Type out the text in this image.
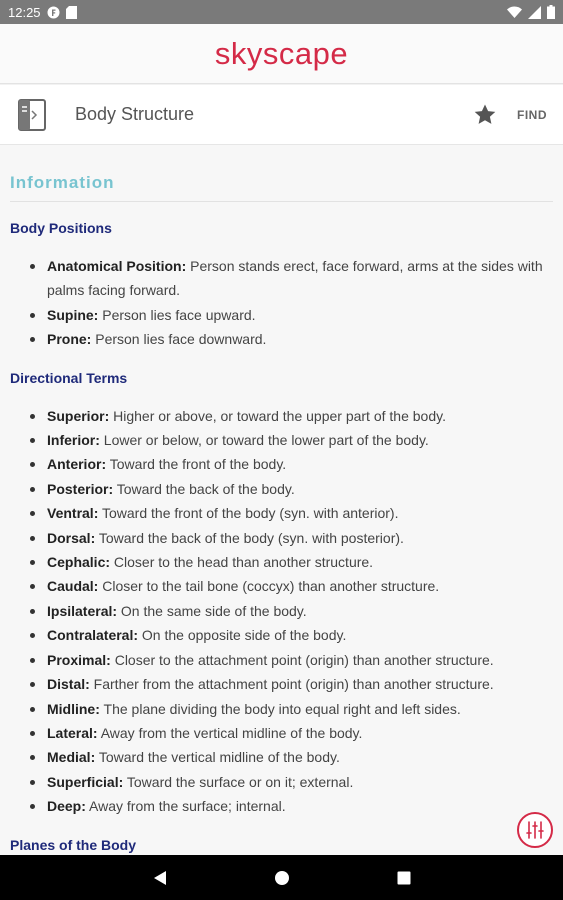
12:25
skyscape
Body Structure	FIND
Information
Body Positions
Anatomical Position: Person stands erect, face forward, arms at the sides with palms facing forward.
Supine: Person lies face upward.
Prone: Person lies face downward.
Directional Terms
Superior: Higher or above, or toward the upper part of the body.
Inferior: Lower or below, or toward the lower part of the body.
Anterior: Toward the front of the body.
Posterior: Toward the back of the body.
Ventral: Toward the front of the body (syn. with anterior).
Dorsal: Toward the back of the body (syn. with posterior).
Cephalic: Closer to the head than another structure.
Caudal: Closer to the tail bone (coccyx) than another structure.
Ipsilateral: On the same side of the body.
Contralateral: On the opposite side of the body.
Proximal: Closer to the attachment point (origin) than another structure.
Distal: Farther from the attachment point (origin) than another structure.
Midline: The plane dividing the body into equal right and left sides.
Lateral: Away from the vertical midline of the body.
Medial: Toward the vertical midline of the body.
Superficial: Toward the surface or on it; external.
Deep: Away from the surface; internal.
Planes of the Body
